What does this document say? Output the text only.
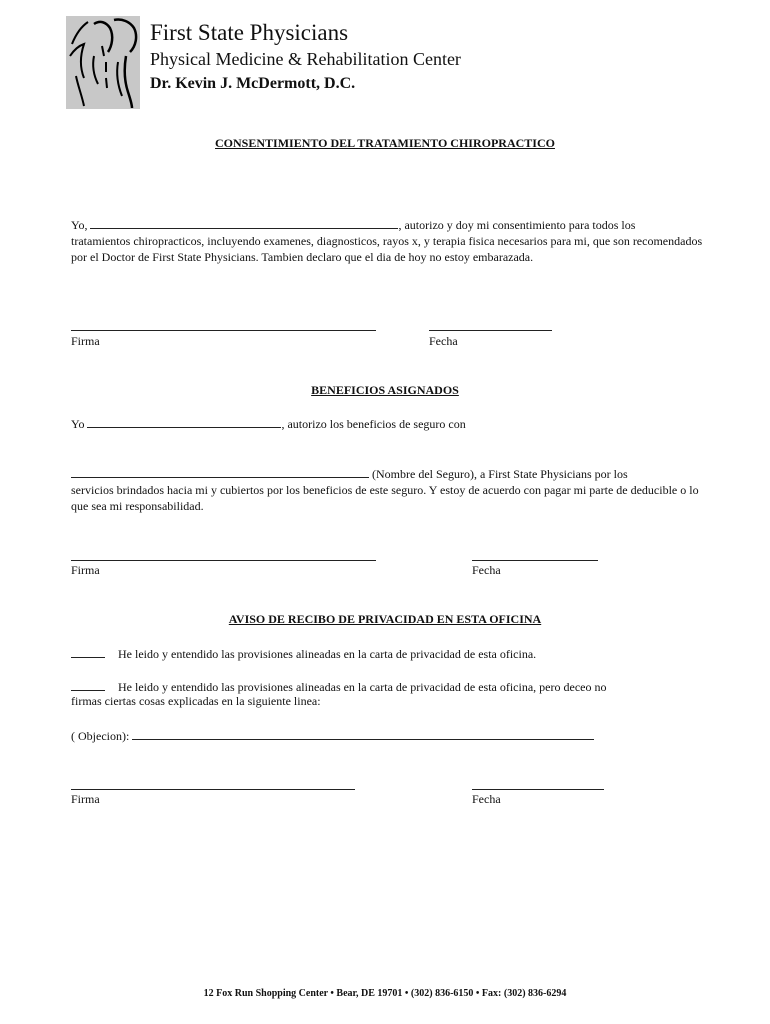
First State Physicians
Physical Medicine & Rehabilitation Center
Dr. Kevin J. McDermott, D.C.
CONSENTIMIENTO DEL TRATAMIENTO CHIROPRACTICO
Yo,	, autorizo y doy mi consentimiento para todos los
tratamientos chiropracticos, incluyendo examenes, diagnosticos, rayos x, y terapia fisica necesarios para mi, que son recomendados por el Doctor de First State Physicians. Tambien declaro que el dia de hoy no estoy embarazada.
Firma	Fecha
BENEFICIOS ASIGNADOS
Yo	, autorizo los beneficios de seguro con
(Nombre del Seguro), a First State Physicians por los
servicios brindados hacia mi y cubiertos por los beneficios de este seguro. Y estoy de acuerdo con pagar mi parte de deducible o lo que sea mi responsabilidad.
Firma	Fecha
AVISO DE RECIBO DE PRIVACIDAD EN ESTA OFICINA
He leido y entendido las provisiones alineadas en la carta de privacidad de esta oficina.
He leido y entendido las provisiones alineadas en la carta de privacidad de esta oficina, pero deceo no
firmas ciertas cosas explicadas en la siguiente linea:
( Objecion):
Firma	Fecha
12 Fox Run Shopping Center • Bear, DE 19701 • (302) 836-6150 • Fax: (302) 836-6294
